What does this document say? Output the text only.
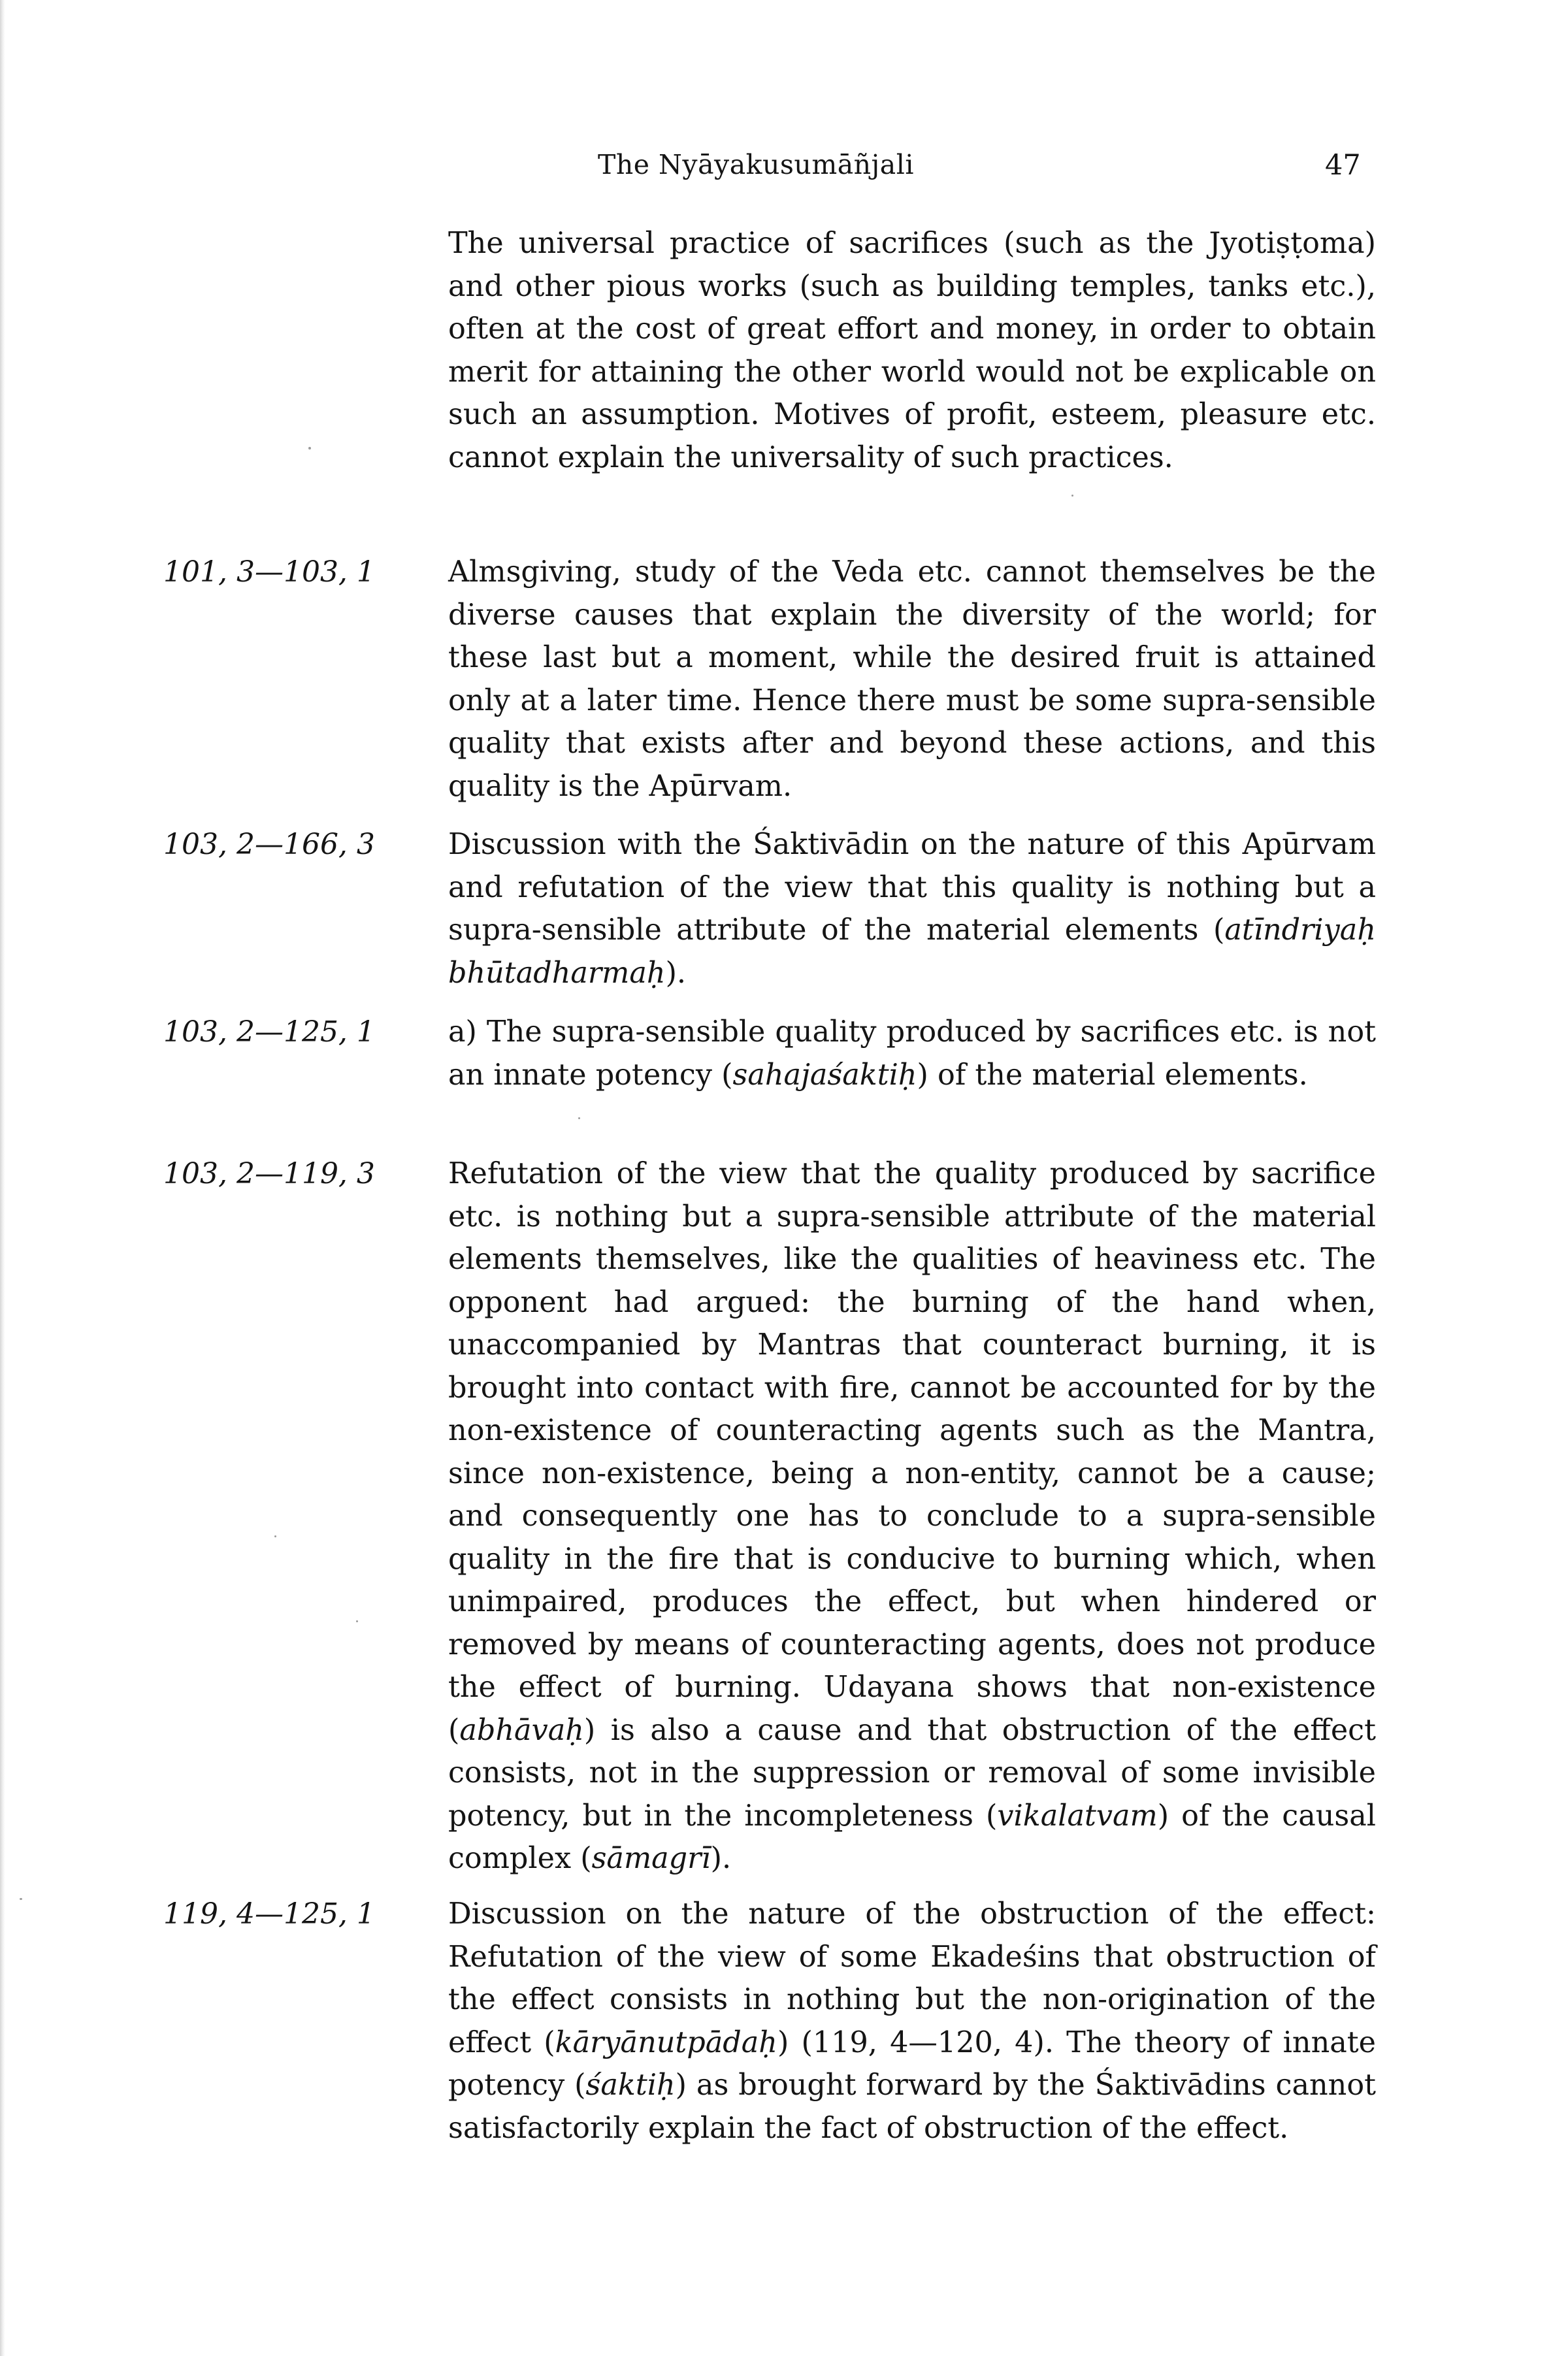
The Nyāyakusumāñjali	47

The universal practice of sacrifices (such as the Jyotiṣṭoma) and other pious works (such as building temples, tanks etc.), often at the cost of great effort and money, in order to obtain merit for attaining the other world would not be explicable on such an assumption. Motives of profit, esteem, pleasure etc. cannot explain the universality of such practices.

101, 3—103, 1	Almsgiving, study of the Veda etc. cannot themselves be the diverse causes that explain the diversity of the world; for these last but a moment, while the desired fruit is attained only at a later time. Hence there must be some supra-sensible quality that exists after and beyond these actions, and this quality is the Apūrvam.

103, 2—166, 3	Discussion with the Śaktivādin on the nature of this Apūrvam and refutation of the view that this quality is nothing but a supra-sensible attribute of the material elements (atīndriyaḥ bhūtadharmaḥ).

103, 2—125, 1	a) The supra-sensible quality produced by sacrifices etc. is not an innate potency (sahajaśaktiḥ) of the material elements.

103, 2—119, 3	Refutation of the view that the quality produced by sacrifice etc. is nothing but a supra-sensible attribute of the material elements themselves, like the qualities of heaviness etc. The opponent had argued: the burning of the hand when, unaccompanied by Mantras that counteract burning, it is brought into contact with fire, cannot be accounted for by the non-existence of counteracting agents such as the Mantra, since non-existence, being a non-entity, cannot be a cause; and consequently one has to conclude to a supra-sensible quality in the fire that is conducive to burning which, when unimpaired, produces the effect, but when hindered or removed by means of counteracting agents, does not produce the effect of burning. Udayana shows that non-existence (abhāvaḥ) is also a cause and that obstruction of the effect consists, not in the suppression or removal of some invisible potency, but in the incompleteness (vikalatvam) of the causal complex (sāmagrī).

119, 4—125, 1	Discussion on the nature of the obstruction of the effect: Refutation of the view of some Ekadeśins that obstruction of the effect consists in nothing but the non-origination of the effect (kāryānutpādaḥ) (119, 4—120, 4). The theory of innate potency (śaktiḥ) as brought forward by the Śaktivādins cannot satisfactorily explain the fact of obstruction of the effect.
